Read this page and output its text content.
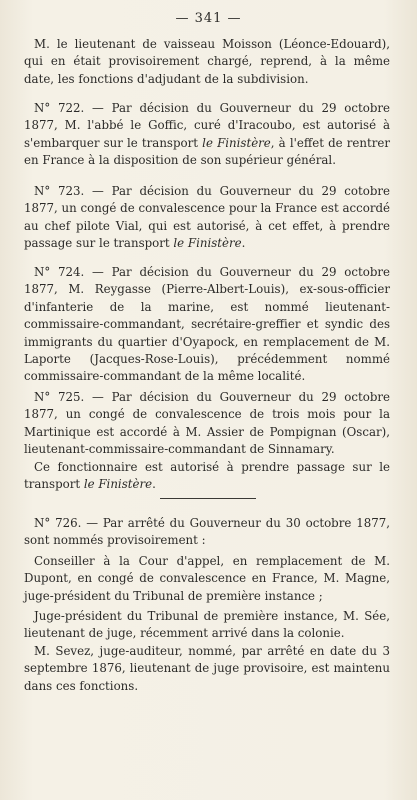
— 341 —

M. le lieutenant de vaisseau Moisson (Léonce-Edouard), qui en était provisoirement chargé, reprend, à la même date, les fonctions d'adjudant de la subdivision.

N° 722. — Par décision du Gouverneur du 29 octobre 1877, M. l'abbé le Goffic, curé d'Iracoubo, est autorisé à s'embarquer sur le transport le Finistère, à l'effet de rentrer en France à la disposition de son supérieur général.

N° 723. — Par décision du Gouverneur du 29 cotobre 1877, un congé de convalescence pour la France est accordé au chef pilote Vial, qui est autorisé, à cet effet, à prendre passage sur le transport le Finistère.

N° 724. — Par décision du Gouverneur du 29 octobre 1877, M. Reygasse (Pierre-Albert-Louis), ex-sous-officier d'infanterie de la marine, est nommé lieutenant-commissaire-commandant, secrétaire-greffier et syndic des immigrants du quartier d'Oyapock, en remplacement de M. Laporte (Jacques-Rose-Louis), précédemment nommé commissaire-commandant de la même localité.

N° 725. — Par décision du Gouverneur du 29 octobre 1877, un congé de convalescence de trois mois pour la Martinique est accordé à M. Assier de Pompignan (Oscar), lieutenant-commissaire-commandant de Sinnamary.

Ce fonctionnaire est autorisé à prendre passage sur le transport le Finistère.

N° 726. — Par arrêté du Gouverneur du 30 octobre 1877, sont nommés provisoirement :

Conseiller à la Cour d'appel, en remplacement de M. Dupont, en congé de convalescence en France, M. Magne, juge-président du Tribunal de première instance ;

Juge-président du Tribunal de première instance, M. Sée, lieutenant de juge, récemment arrivé dans la colonie.

M. Sevez, juge-auditeur, nommé, par arrêté en date du 3 septembre 1876, lieutenant de juge provisoire, est maintenu dans ces fonctions.
